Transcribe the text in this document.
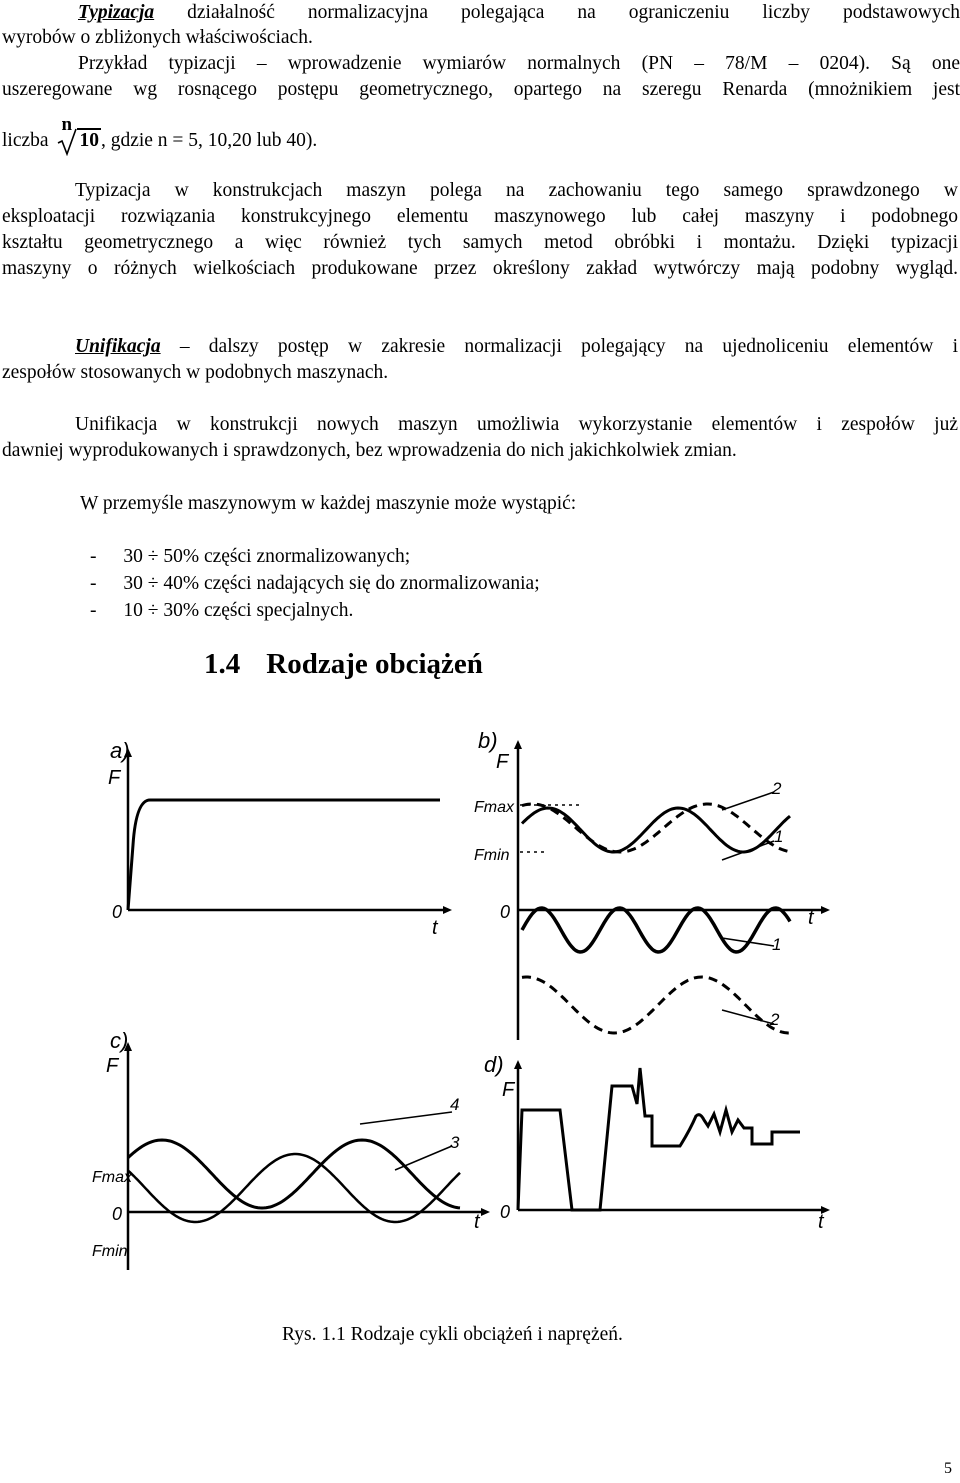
Typizacja działalność normalizacyjna polegająca na ograniczeniu liczby podstawowych
wyrobów o zbliżonych właściwościach.
Przykład typizacji – wprowadzenie wymiarów normalnych (PN – 78/M – 0204). Są one
uszeregowane wg rosnącego postępu geometrycznego, opartego na szeregu Renarda (mnożnikiem jest
liczba
n
10 , gdzie n = 5, 10,20 lub 40).
Typizacja w konstrukcjach maszyn polega na zachowaniu tego samego sprawdzonego w
eksploatacji rozwiązania konstrukcyjnego elementu maszynowego lub całej maszyny i podobnego
kształtu geometrycznego a więc również tych samych metod obróbki i montażu. Dzięki typizacji
maszyny o różnych wielkościach produkowane przez określony zakład wytwórczy mają podobny wygląd.
Unifikacja – dalszy postęp w zakresie normalizacji polegający na ujednoliceniu elementów i
zespołów stosowanych w podobnych maszynach.
Unifikacja w konstrukcji nowych maszyn umożliwia wykorzystanie elementów i zespołów już
dawniej wyprodukowanych i sprawdzonych, bez wprowadzenia do nich jakichkolwiek zmian.
W przemyśle maszynowym w każdej maszynie może wystąpić:
- 30 ÷ 50% części znormalizowanych;
- 30 ÷ 40% części nadających się do znormalizowania;
- 10 ÷ 30% części specjalnych.
1.4 Rodzaje obciążeń
a)
F
0
t
b)
F
Fmax
Fmin
0	t
2
1
1
2
c)
F
Fmax
0
Fmin
t
4
3
d)
F
0	t
Rys. 1.1 Rodzaje cykli obciążeń i naprężeń.
5
